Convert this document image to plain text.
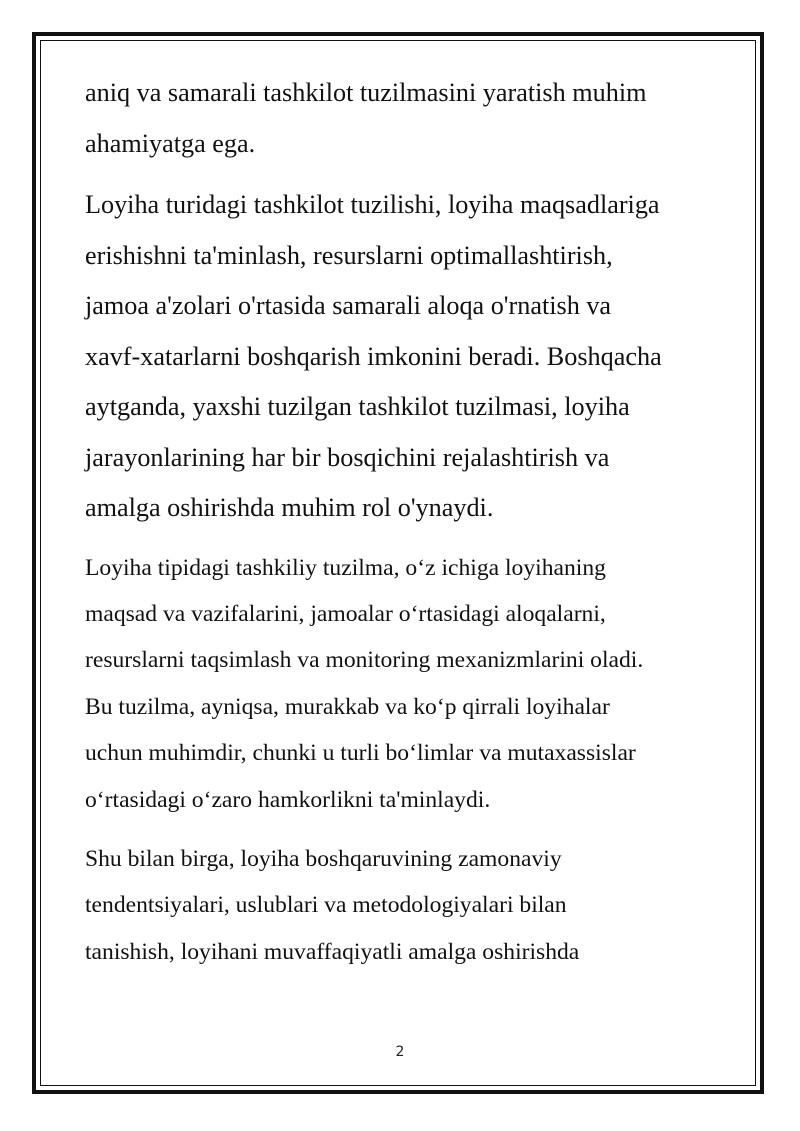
aniq va samarali tashkilot tuzilmasini yaratish muhim
ahamiyatga ega.

Loyiha turidagi tashkilot tuzilishi, loyiha maqsadlariga
erishishni ta'minlash, resurslarni optimallashtirish,
jamoa a'zolari o'rtasida samarali aloqa o'rnatish va
xavf-xatarlarni boshqarish imkonini beradi. Boshqacha
aytganda, yaxshi tuzilgan tashkilot tuzilmasi, loyiha
jarayonlarining har bir bosqichini rejalashtirish va
amalga oshirishda muhim rol o'ynaydi.

Loyiha tipidagi tashkiliy tuzilma, o‘z ichiga loyihaning
maqsad va vazifalarini, jamoalar o‘rtasidagi aloqalarni,
resurslarni taqsimlash va monitoring mexanizmlarini oladi.
Bu tuzilma, ayniqsa, murakkab va ko‘p qirrali loyihalar
uchun muhimdir, chunki u turli bo‘limlar va mutaxassislar
o‘rtasidagi o‘zaro hamkorlikni ta'minlaydi.

Shu bilan birga, loyiha boshqaruvining zamonaviy
tendentsiyalari, uslublari va metodologiyalari bilan
tanishish, loyihani muvaffaqiyatli amalga oshirishda

2
